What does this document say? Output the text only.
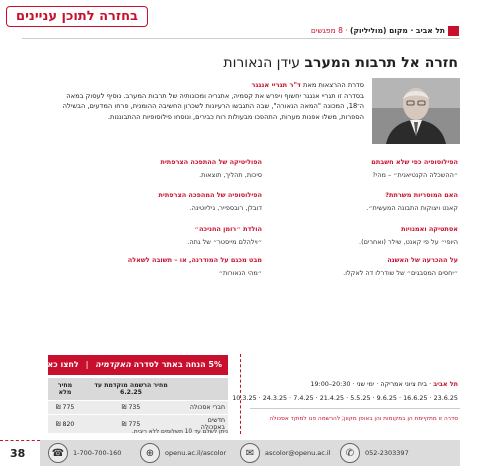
בחזרה לתוכן עניינים
תל אביב · מקום (מוליליוק) · 8 מפגשים
חזרה אל תרבות המערב עידן הנאורות
סדרת ההרצאות מאת ד"ר תגריי אנגגר
בסדרה זו תגריי אנגגר יחשוף ויפרש את קסמיה, אתגריה ומכונותיה של תרבות המערב. נוסיף לעסוק במאה ה־18, המכונה "המאה הנאורה", שבה התגבשו הרעיונות לשכרון החשיבה ההומנית, פרחו המדעים, הבשילה הספרות, משלו אפנות מערות, התהפכו מבעולות רוח כבירים, ונוסחו פילוסופיות ההתבוננות.
הפילוסופיה כפי שלא חשבתם
״ההשכלה הקנטיאנית״ – מהי?
האם המוסריות משרתת?
קאנט ויצוקות התבונה המעשית״.
אסתטיקה ואמנויות
היופי״ על פי קאנט, שילר (ואחרים).
על ההכרעה של האשנה
״יחסים המסבגים״ של שודרלו דה לאקלו.
הפוליטיקה של ההתפכה הצרפתית
סיכות, תהליך, תוצאות.
הפילוסופיה של המהפכה הצרפתית
דובלן, רובספייר, גיליוטינה.
הולדת ״רומן החניכה״
״וילהלם מייסטר״ של גתה.
מבט מכגם על המודרנה, או – תשובה לשאלה
״מהי הנאורות״
5% הנחה באתר לסדרה האקדמיה | לחצו כאן
	מחיר הרשמה מוקדמת עד 6.2.25	מחיר מלא
חברי אסכולה	735 ₪	775 ₪
חדשים באסכולה	775 ₪	820 ₪
ניתן לשלם עד 10 תשלומים ללא ריבית.
תל אביב · בית ציוני אמריקה · ימי שני · 20:30–19:00
23.6.25 · 16.6.25 · 9.6.25 · 5.5.25 · 21.4.25 · 7.4.25 · 24.3.25 · 10.3.25
סדרה זו מתקיימת הן במקומות והן באופן מקוון; להרשמה פנו למוקד אסכולה
38	☎	1-700-700-160	⊕	openu.ac.il/ascolor	✉	ascolor@openu.ac.il	✆	052-2303397
